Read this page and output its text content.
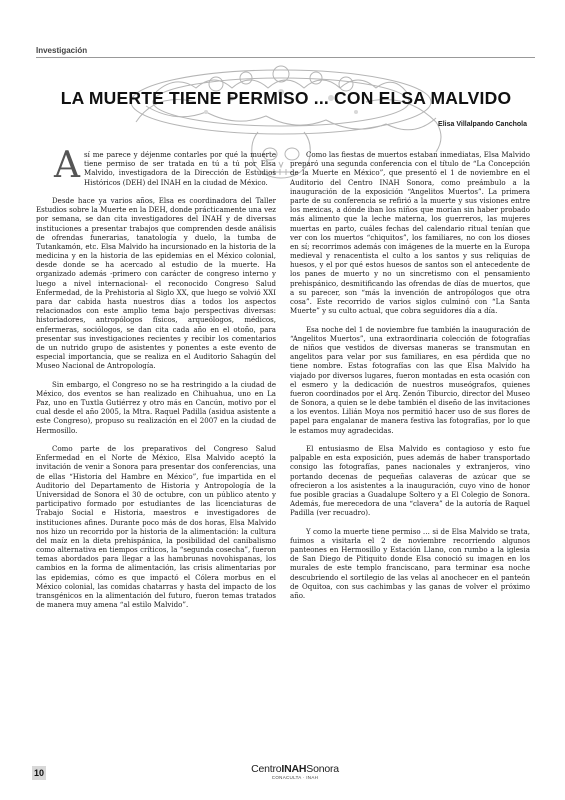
Investigación
LA MUERTE TIENE PERMISO ... CON ELSA MALVIDO
Elisa Villalpando Canchola

Así me parece y déjenme contarles por qué la muerte tiene permiso de ser tratada en tú a tú por Elsa Malvido, investigadora de la Dirección de Estudios Históricos (DEH) del INAH en la ciudad de México.

Desde hace ya varios años, Elsa es coordinadora del Taller Estudios sobre la Muerte en la DEH, donde prácticamente una vez por semana, se dan cita investigadores del INAH y de diversas instituciones a presentar trabajos que comprenden desde análisis de ofrendas funerarias, tanatología y duelo, la tumba de Tutankamón, etc. Elsa Malvido ha incursionado en la historia de la medicina y en la historia de las epidemias en el México colonial, desde donde se ha acercado al estudio de la muerte. Ha organizado además -primero con carácter de congreso interno y luego a nivel internacional- el reconocido Congreso Salud Enfermedad, de la Prehistoria al Siglo XX, que luego se volvió XXI para dar cabida hasta nuestros días a todos los aspectos relacionados con este amplio tema bajo perspectivas diversas: historiadores, antropólogos físicos, arqueólogos, médicos, enfermeras, sociólogos, se dan cita cada año en el otoño, para presentar sus investigaciones recientes y recibir los comentarios de un nutrido grupo de asistentes y ponentes a este evento de especial importancia, que se realiza en el Auditorio Sahagún del Museo Nacional de Antropología.

Sin embargo, el Congreso no se ha restringido a la ciudad de México, dos eventos se han realizado en Chihuahua, uno en La Paz, uno en Tuxtla Gutiérrez y otro más en Cancún, motivo por el cual desde el año 2005, la Mtra. Raquel Padilla (asidua asistente a este Congreso), propuso su realización en el 2007 en la ciudad de Hermosillo.

Como parte de los preparativos del Congreso Salud Enfermedad en el Norte de México, Elsa Malvido aceptó la invitación de venir a Sonora para presentar dos conferencias, una de ellas “Historia del Hambre en México”, fue impartida en el Auditorio del Departamento de Historia y Antropología de la Universidad de Sonora el 30 de octubre, con un público atento y participativo formado por estudiantes de las licenciaturas de Trabajo Social e Historia, maestros e investigadores de instituciones afines. Durante poco más de dos horas, Elsa Malvido nos hizo un recorrido por la historia de la alimentación: la cultura del maíz en la dieta prehispánica, la posibilidad del canibalismo como alternativa en tiempos críticos, la “segunda cosecha”, fueron temas abordados para llegar a las hambrunas novohispanas, los cambios en la forma de alimentación, las crisis alimentarias por las epidemias, cómo es que impactó el Cólera morbus en el México colonial, las comidas chatarras y hasta del impacto de los transgénicos en la alimentación del futuro, fueron temas tratados de manera muy amena “al estilo Malvido”.

Como las fiestas de muertos estaban inmediatas, Elsa Malvido preparó una segunda conferencia con el título de “La Concepción de la Muerte en México”, que presentó el 1 de noviembre en el Auditorio del Centro INAH Sonora, como preámbulo a la inauguración de la exposición “Angelitos Muertos”. La primera parte de su conferencia se refirió a la muerte y sus visiones entre los mexicas, a dónde iban los niños que morían sin haber probado más alimento que la leche materna, los guerreros, las mujeres muertas en parto, cuáles fechas del calendario ritual tenían que ver con los muertos “chiquitos”, los familiares, no con los dioses en sí; recorrimos además con imágenes de la muerte en la Europa medieval y renacentista el culto a los santos y sus reliquias de huesos, y el por qué estos huesos de santos son el antecedente de los panes de muerto y no un sincretismo con el pensamiento prehispánico, desmitificando las ofrendas de días de muertos, que a su parecer, son “más la invención de antropólogos que otra cosa”. Este recorrido de varios siglos culminó con “La Santa Muerte” y su culto actual, que cobra seguidores día a día.

Esa noche del 1 de noviembre fue también la inauguración de “Angelitos Muertos”, una extraordinaria colección de fotografías de niños que vestidos de diversas maneras se transmutan en angelitos para velar por sus familiares, en esa pérdida que no tiene nombre. Estas fotografías con las que Elsa Malvido ha viajado por diversos lugares, fueron montadas en esta ocasión con el esmero y la dedicación de nuestros museógrafos, quienes fueron coordinados por el Arq. Zenón Tiburcio, director del Museo de Sonora, a quien se le debe también el diseño de las invitaciones a los eventos. Lilián Moya nos permitió hacer uso de sus flores de papel para engalanar de manera festiva las fotografías, por lo que le estamos muy agradecidas.

El entusiasmo de Elsa Malvido es contagioso y esto fue palpable en esta exposición, pues además de haber transportado consigo las fotografías, panes nacionales y extranjeros, vino portando decenas de pequeñas calaveras de azúcar que se ofrecieron a los asistentes a la inauguración, cuyo vino de honor fue posible gracias a Guadalupe Soltero y a El Colegio de Sonora. Además, fue merecedora de una “clavera” de la autoría de Raquel Padilla (ver recuadro).

Y como la muerte tiene permiso … si de Elsa Malvido se trata, fuimos a visitarla el 2 de noviembre recorriendo algunos panteones en Hermosillo y Estación Llano, con rumbo a la iglesia de San Diego de Pitiquito donde Elsa conoció su imagen en los murales de este templo franciscano, para terminar esa noche descubriendo el sortilegio de las velas al anochecer en el panteón de Oquitoa, con sus cachimbas y las ganas de volver el próximo año.

10	CentroINAHSonora
CONACULTA · INAH
